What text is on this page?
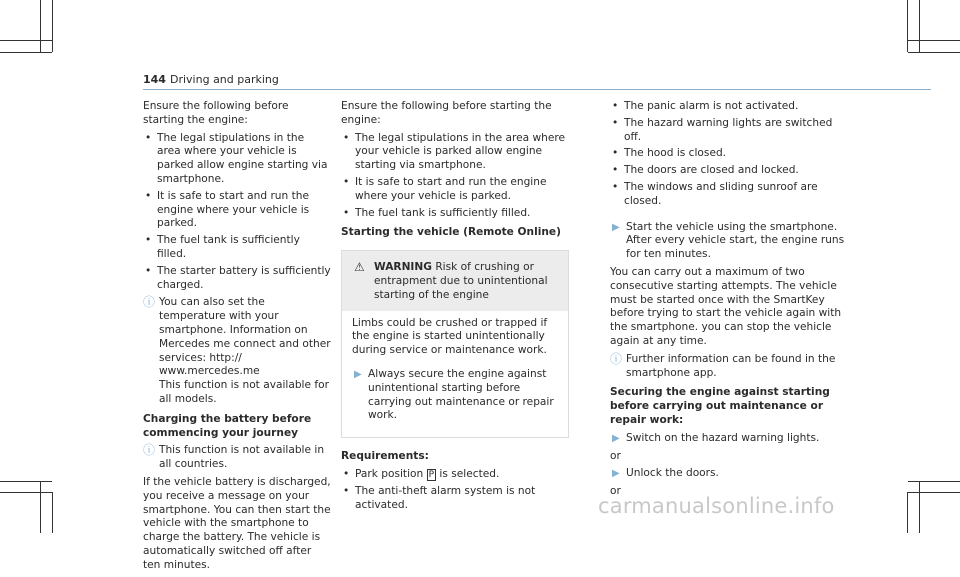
144 Driving and parking

Ensure the following before starting the engine:

• The legal stipulations in the area where your vehicle is parked allow engine starting via smartphone.
• It is safe to start and run the engine where your vehicle is parked.
• The fuel tank is sufficiently filled.
• The starter battery is sufficiently charged.
ⓘ You can also set the temperature with your smartphone. Information on Mercedes me connect and other services: http:// www.mercedes.me
This function is not available for all models.
Charging the battery before commencing your journey
ⓘ This function is not available in all countries.

If the vehicle battery is discharged, you receive a message on your smartphone. You can then start the vehicle with the smartphone to charge the battery. The vehicle is automatically switched off after ten minutes.

Ensure the following before starting the engine:

• The legal stipulations in the area where your vehicle is parked allow engine starting via smartphone.
• It is safe to start and run the engine where your vehicle is parked.
• The fuel tank is sufficiently filled.
Starting the vehicle (Remote Online)
⚠ WARNING Risk of crushing or entrapment due to unintentional starting of the engine
Limbs could be crushed or trapped if the engine is started unintentionally during service or maintenance work.
▶ Always secure the engine against unintentional starting before carrying out maintenance or repair work.
Requirements:
• Park position P is selected.
• The anti-theft alarm system is not activated.
• The panic alarm is not activated.
• The hazard warning lights are switched off.
• The hood is closed.
• The doors are closed and locked.
• The windows and sliding sunroof are closed.
▶ Start the vehicle using the smartphone. After every vehicle start, the engine runs for ten minutes.

You can carry out a maximum of two consecutive starting attempts. The vehicle must be started once with the SmartKey before trying to start the vehicle again with the smartphone. you can stop the vehicle again at any time.

ⓘ Further information can be found in the smartphone app.
Securing the engine against starting before carrying out maintenance or repair work:
▶ Switch on the hazard warning lights.
or
▶ Unlock the doors.
or
carmanualsonline.info
